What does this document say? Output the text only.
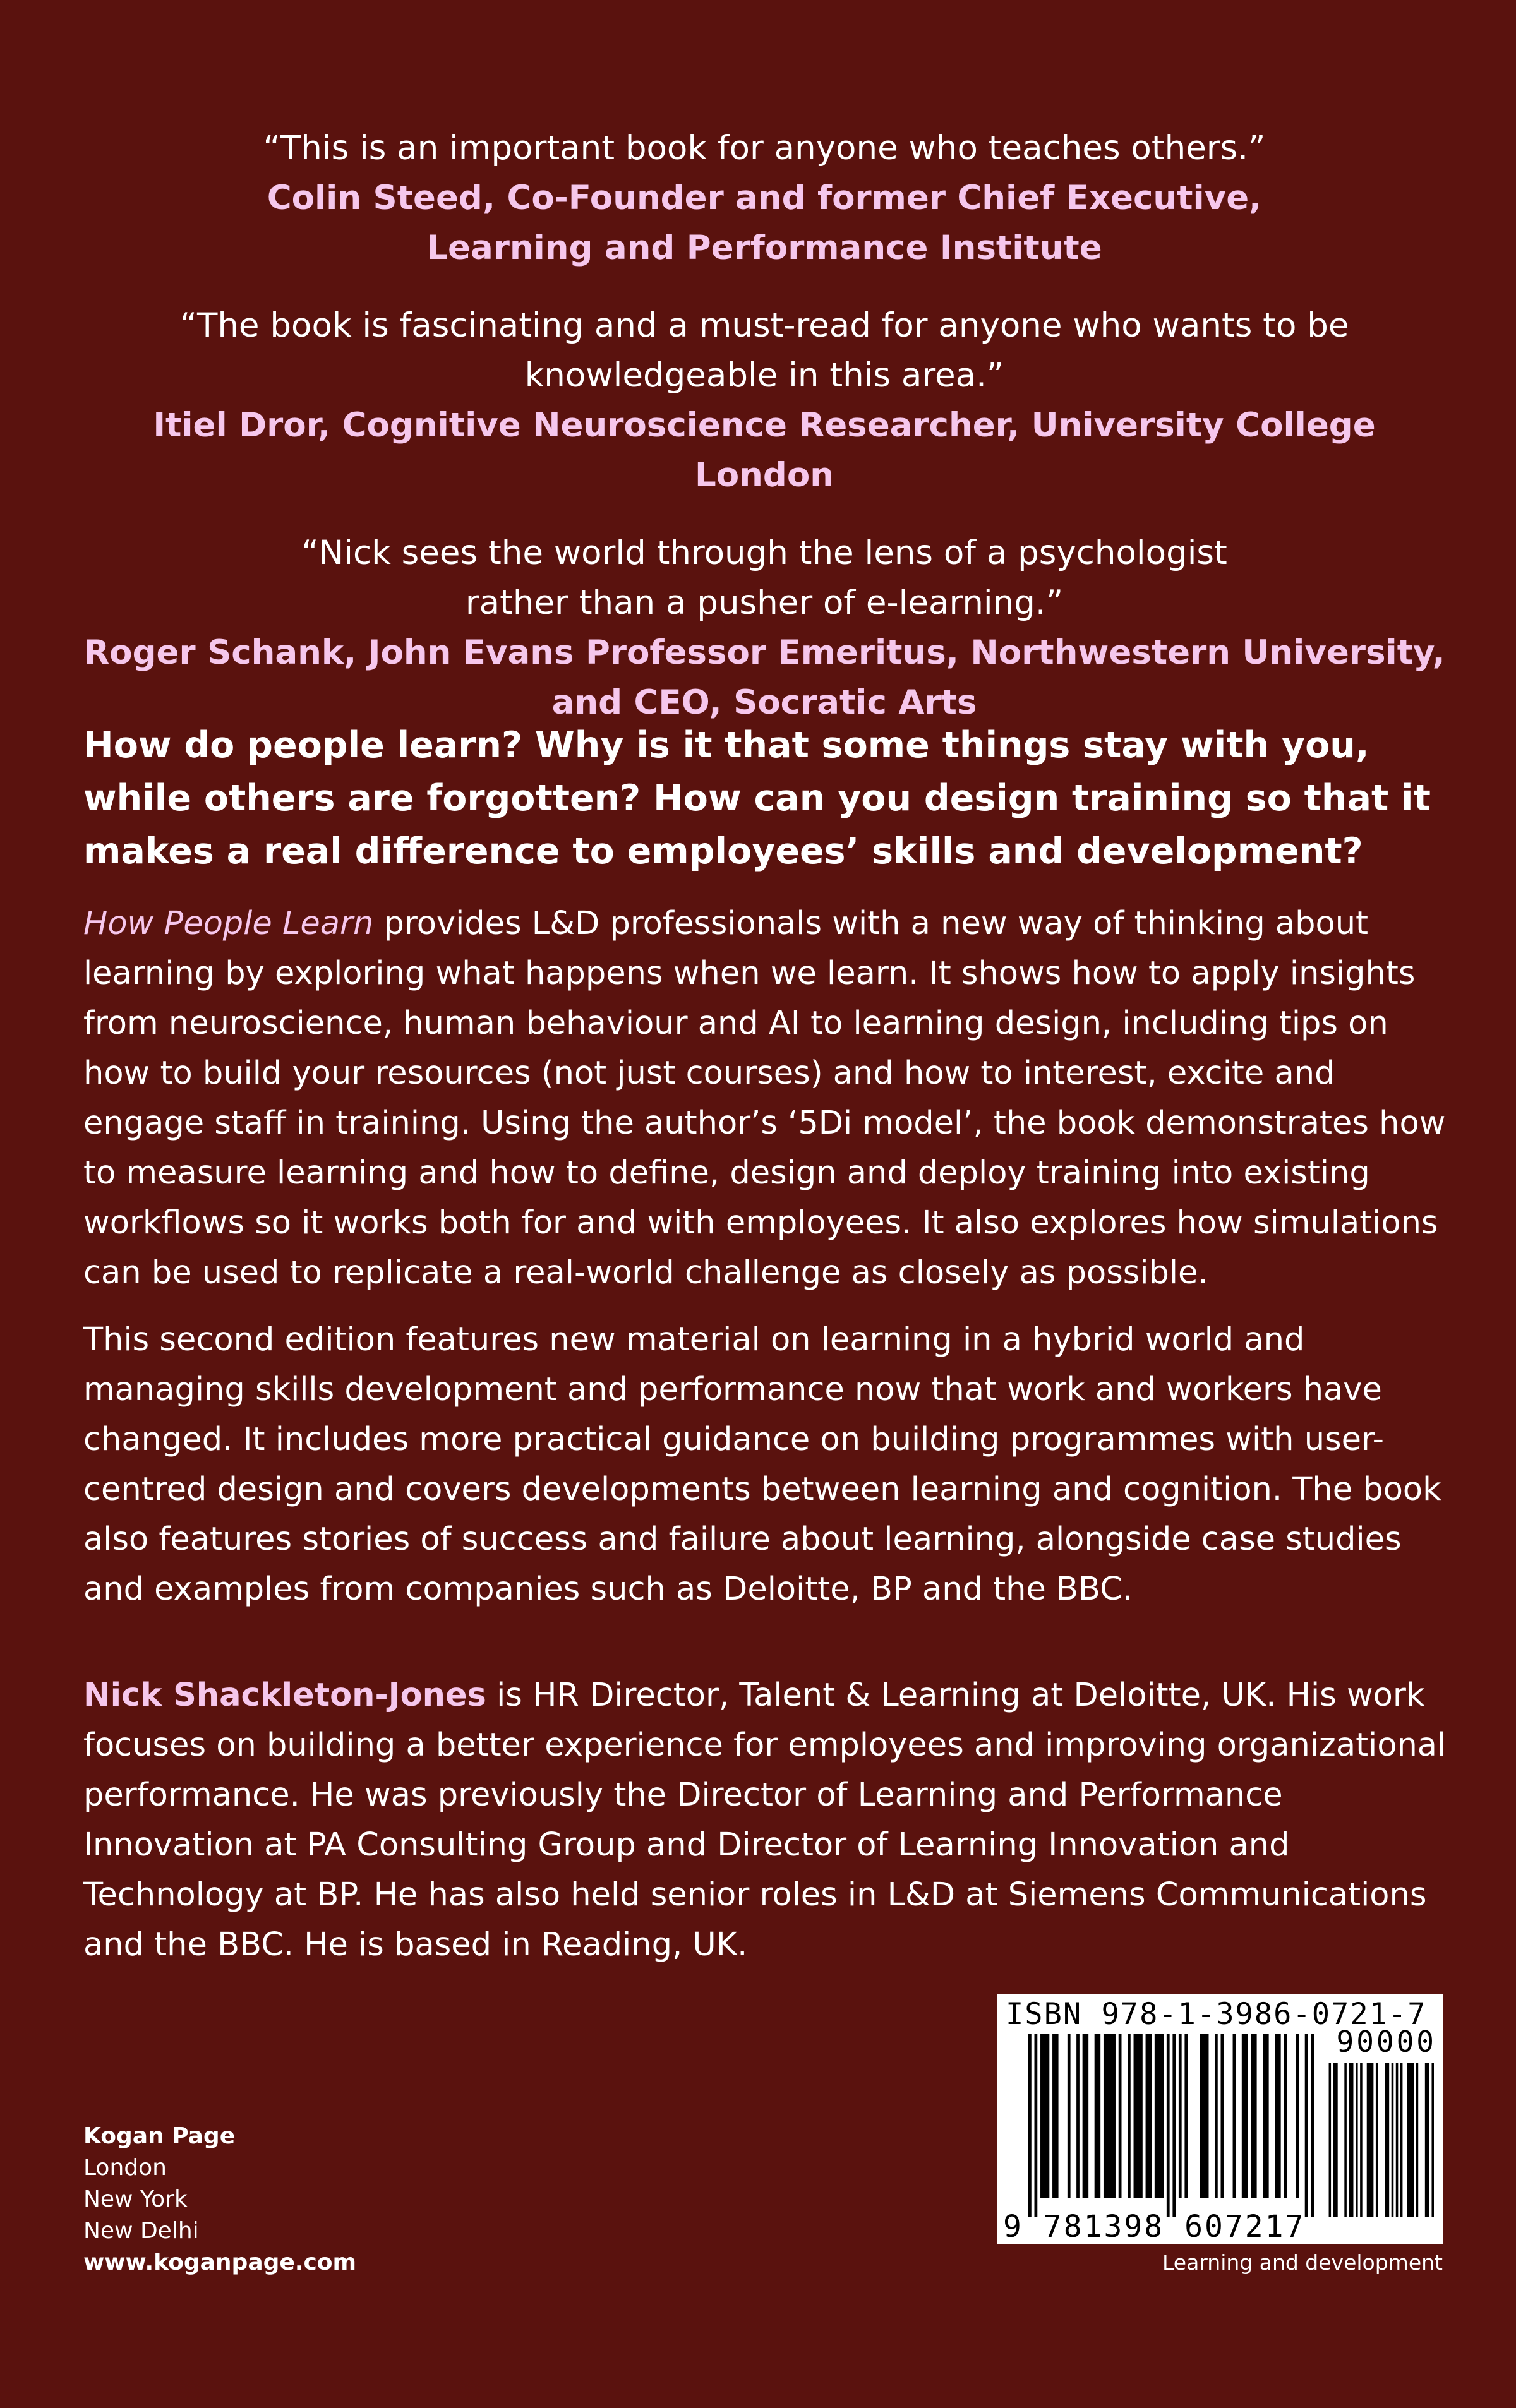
“This is an important book for anyone who teaches others.”
Colin Steed, Co-Founder and former Chief Executive,
Learning and Performance Institute
“The book is fascinating and a must-read for anyone who wants to be
knowledgeable in this area.”
Itiel Dror, Cognitive Neuroscience Researcher, University College London
“Nick sees the world through the lens of a psychologist
rather than a pusher of e-learning.”
Roger Schank, John Evans Professor Emeritus, Northwestern University,
and CEO, Socratic Arts
How do people learn? Why is it that some things stay with you, while others are forgotten? How can you design training so that it makes a real difference to employees’ skills and development?
How People Learn provides L&D professionals with a new way of thinking about learning by exploring what happens when we learn. It shows how to apply insights from neuroscience, human behaviour and AI to learning design, including tips on how to build your resources (not just courses) and how to interest, excite and engage staff in training. Using the author’s ‘5Di model’, the book demonstrates how to measure learning and how to define, design and deploy training into existing workflows so it works both for and with employees. It also explores how simulations can be used to replicate a real-world challenge as closely as possible.
This second edition features new material on learning in a hybrid world and managing skills development and performance now that work and workers have changed. It includes more practical guidance on building programmes with user-centred design and covers developments between learning and cognition. The book also features stories of success and failure about learning, alongside case studies and examples from companies such as Deloitte, BP and the BBC.
Nick Shackleton-Jones is HR Director, Talent & Learning at Deloitte, UK. His work focuses on building a better experience for employees and improving organizational performance. He was previously the Director of Learning and Performance Innovation at PA Consulting Group and Director of Learning Innovation and Technology at BP. He has also held senior roles in L&D at Siemens Communications and the BBC. He is based in Reading, UK.
Kogan Page
London
New York
New Delhi
www.koganpage.com
ISBN 978-1-3986-0721-7
90000
9 781398 607217
Learning and development
